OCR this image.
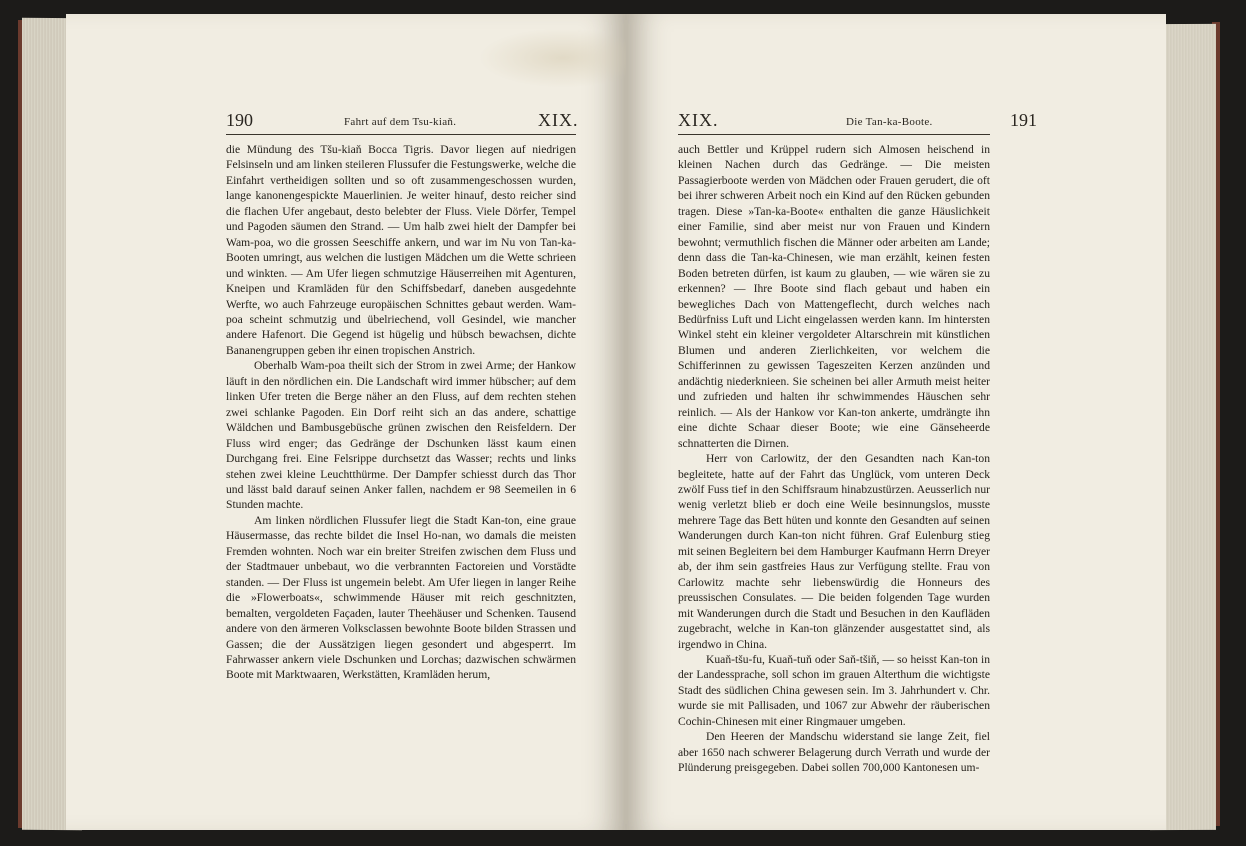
190	Fahrt auf dem Tsu-kiaň.	XIX.

die Mündung des Tšu-kiaň Bocca Tigris. Davor liegen auf niedrigen Felsinseln und am linken steileren Flussufer die Festungswerke, welche die Einfahrt vertheidigen sollten und so oft zusammengeschossen wurden, lange kanonengespickte Mauerlinien. Je weiter hinauf, desto reicher sind die flachen Ufer angebaut, desto belebter der Fluss. Viele Dörfer, Tempel und Pagoden säumen den Strand. — Um halb zwei hielt der Dampfer bei Wam-poa, wo die grossen Seeschiffe ankern, und war im Nu von Tan-ka-Booten umringt, aus welchen die lustigen Mädchen um die Wette schrieen und winkten. — Am Ufer liegen schmutzige Häuserreihen mit Agenturen, Kneipen und Kramläden für den Schiffsbedarf, daneben ausgedehnte Werfte, wo auch Fahrzeuge europäischen Schnittes gebaut werden. Wam-poa scheint schmutzig und übelriechend, voll Gesindel, wie mancher andere Hafenort. Die Gegend ist hügelig und hübsch bewachsen, dichte Bananengruppen geben ihr einen tropischen Anstrich.

Oberhalb Wam-poa theilt sich der Strom in zwei Arme; der Hankow läuft in den nördlichen ein. Die Landschaft wird immer hübscher; auf dem linken Ufer treten die Berge näher an den Fluss, auf dem rechten stehen zwei schlanke Pagoden. Ein Dorf reiht sich an das andere, schattige Wäldchen und Bambusgebüsche grünen zwischen den Reisfeldern. Der Fluss wird enger; das Gedränge der Dschunken lässt kaum einen Durchgang frei. Eine Felsrippe durchsetzt das Wasser; rechts und links stehen zwei kleine Leuchtthürme. Der Dampfer schiesst durch das Thor und lässt bald darauf seinen Anker fallen, nachdem er 98 Seemeilen in 6 Stunden machte.

Am linken nördlichen Flussufer liegt die Stadt Kan-ton, eine graue Häusermasse, das rechte bildet die Insel Ho-nan, wo damals die meisten Fremden wohnten. Noch war ein breiter Streifen zwischen dem Fluss und der Stadtmauer unbebaut, wo die verbrannten Factoreien und Vorstädte standen. — Der Fluss ist ungemein belebt. Am Ufer liegen in langer Reihe die »Flowerboats«, schwimmende Häuser mit reich geschnitzten, bemalten, vergoldeten Façaden, lauter Theehäuser und Schenken. Tausend andere von den ärmeren Volksclassen bewohnte Boote bilden Strassen und Gassen; die der Aussätzigen liegen gesondert und abgesperrt. Im Fahrwasser ankern viele Dschunken und Lorchas; dazwischen schwärmen Boote mit Marktwaaren, Werkstätten, Kramläden herum,

XIX.	Die Tan-ka-Boote.	191

auch Bettler und Krüppel rudern sich Almosen heischend in kleinen Nachen durch das Gedränge. — Die meisten Passagierboote werden von Mädchen oder Frauen gerudert, die oft bei ihrer schweren Arbeit noch ein Kind auf den Rücken gebunden tragen. Diese »Tan-ka-Boote« enthalten die ganze Häuslichkeit einer Familie, sind aber meist nur von Frauen und Kindern bewohnt; vermuthlich fischen die Männer oder arbeiten am Lande; denn dass die Tan-ka-Chinesen, wie man erzählt, keinen festen Boden betreten dürfen, ist kaum zu glauben, — wie wären sie zu erkennen? — Ihre Boote sind flach gebaut und haben ein bewegliches Dach von Mattengeflecht, durch welches nach Bedürfniss Luft und Licht eingelassen werden kann. Im hintersten Winkel steht ein kleiner vergoldeter Altarschrein mit künstlichen Blumen und anderen Zierlichkeiten, vor welchem die Schifferinnen zu gewissen Tageszeiten Kerzen anzünden und andächtig niederknieen. Sie scheinen bei aller Armuth meist heiter und zufrieden und halten ihr schwimmendes Häuschen sehr reinlich. — Als der Hankow vor Kan-ton ankerte, umdrängte ihn eine dichte Schaar dieser Boote; wie eine Gänseheerde schnatterten die Dirnen.

Herr von Carlowitz, der den Gesandten nach Kan-ton begleitete, hatte auf der Fahrt das Unglück, vom unteren Deck zwölf Fuss tief in den Schiffsraum hinabzustürzen. Aeusserlich nur wenig verletzt blieb er doch eine Weile besinnungslos, musste mehrere Tage das Bett hüten und konnte den Gesandten auf seinen Wanderungen durch Kan-ton nicht führen. Graf Eulenburg stieg mit seinen Begleitern bei dem Hamburger Kaufmann Herrn Dreyer ab, der ihm sein gastfreies Haus zur Verfügung stellte. Frau von Carlowitz machte sehr liebenswürdig die Honneurs des preussischen Consulates. — Die beiden folgenden Tage wurden mit Wanderungen durch die Stadt und Besuchen in den Kaufläden zugebracht, welche in Kan-ton glänzender ausgestattet sind, als irgendwo in China.

Kuaň-tšu-fu, Kuaň-tuň oder Saň-tšiň, — so heisst Kan-ton in der Landessprache, soll schon im grauen Alterthum die wichtigste Stadt des südlichen China gewesen sein. Im 3. Jahrhundert v. Chr. wurde sie mit Pallisaden, und 1067 zur Abwehr der räuberischen Cochin-Chinesen mit einer Ringmauer umgeben.

Den Heeren der Mandschu widerstand sie lange Zeit, fiel aber 1650 nach schwerer Belagerung durch Verrath und wurde der Plünderung preisgegeben. Dabei sollen 700,000 Kantonesen um-
